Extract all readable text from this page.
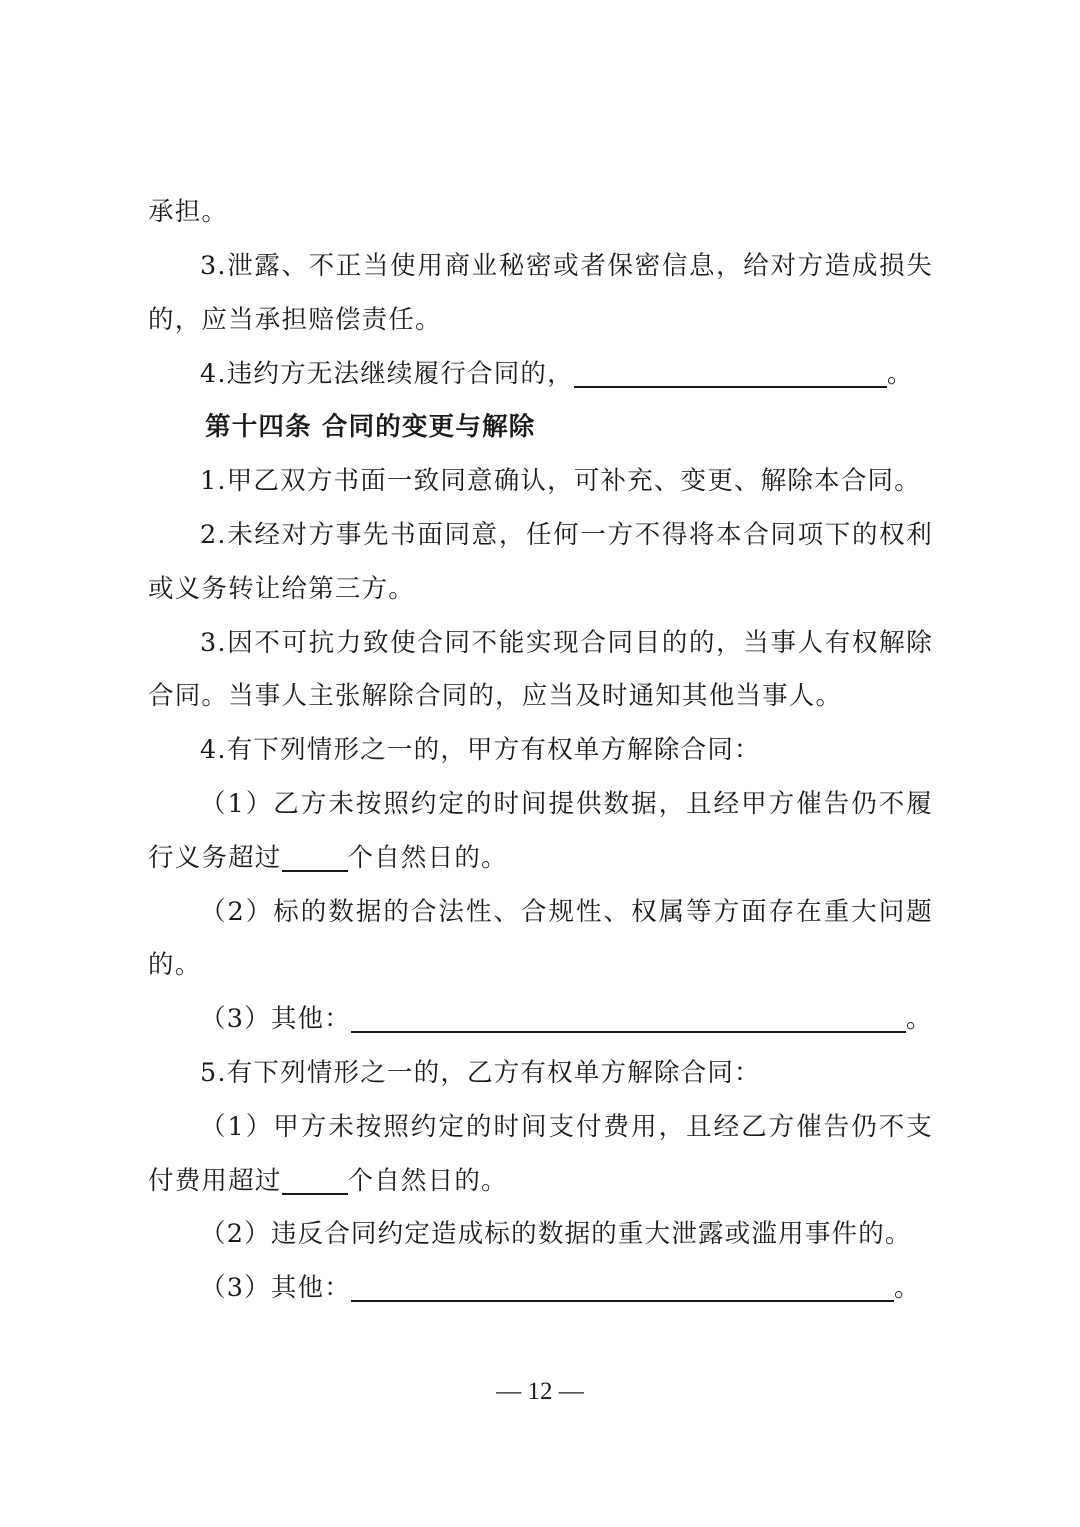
承担。
3.泄露、不正当使用商业秘密或者保密信息，给对方造成损失
的，应当承担赔偿责任。
4.违约方无法继续履行合同的，	。
第十四条 合同的变更与解除
1.甲乙双方书面一致同意确认，可补充、变更、解除本合同。
2.未经对方事先书面同意，任何一方不得将本合同项下的权利
或义务转让给第三方。
3.因不可抗力致使合同不能实现合同目的的，当事人有权解除
合同。当事人主张解除合同的，应当及时通知其他当事人。
4.有下列情形之一的，甲方有权单方解除合同：
（1）乙方未按照约定的时间提供数据，且经甲方催告仍不履
行义务超过	个自然日的。
（2）标的数据的合法性、合规性、权属等方面存在重大问题
的。
（3）其他：	。
5.有下列情形之一的，乙方有权单方解除合同：
（1）甲方未按照约定的时间支付费用，且经乙方催告仍不支
付费用超过	个自然日的。
（2）违反合同约定造成标的数据的重大泄露或滥用事件的。
（3）其他：	。
— 12 —
